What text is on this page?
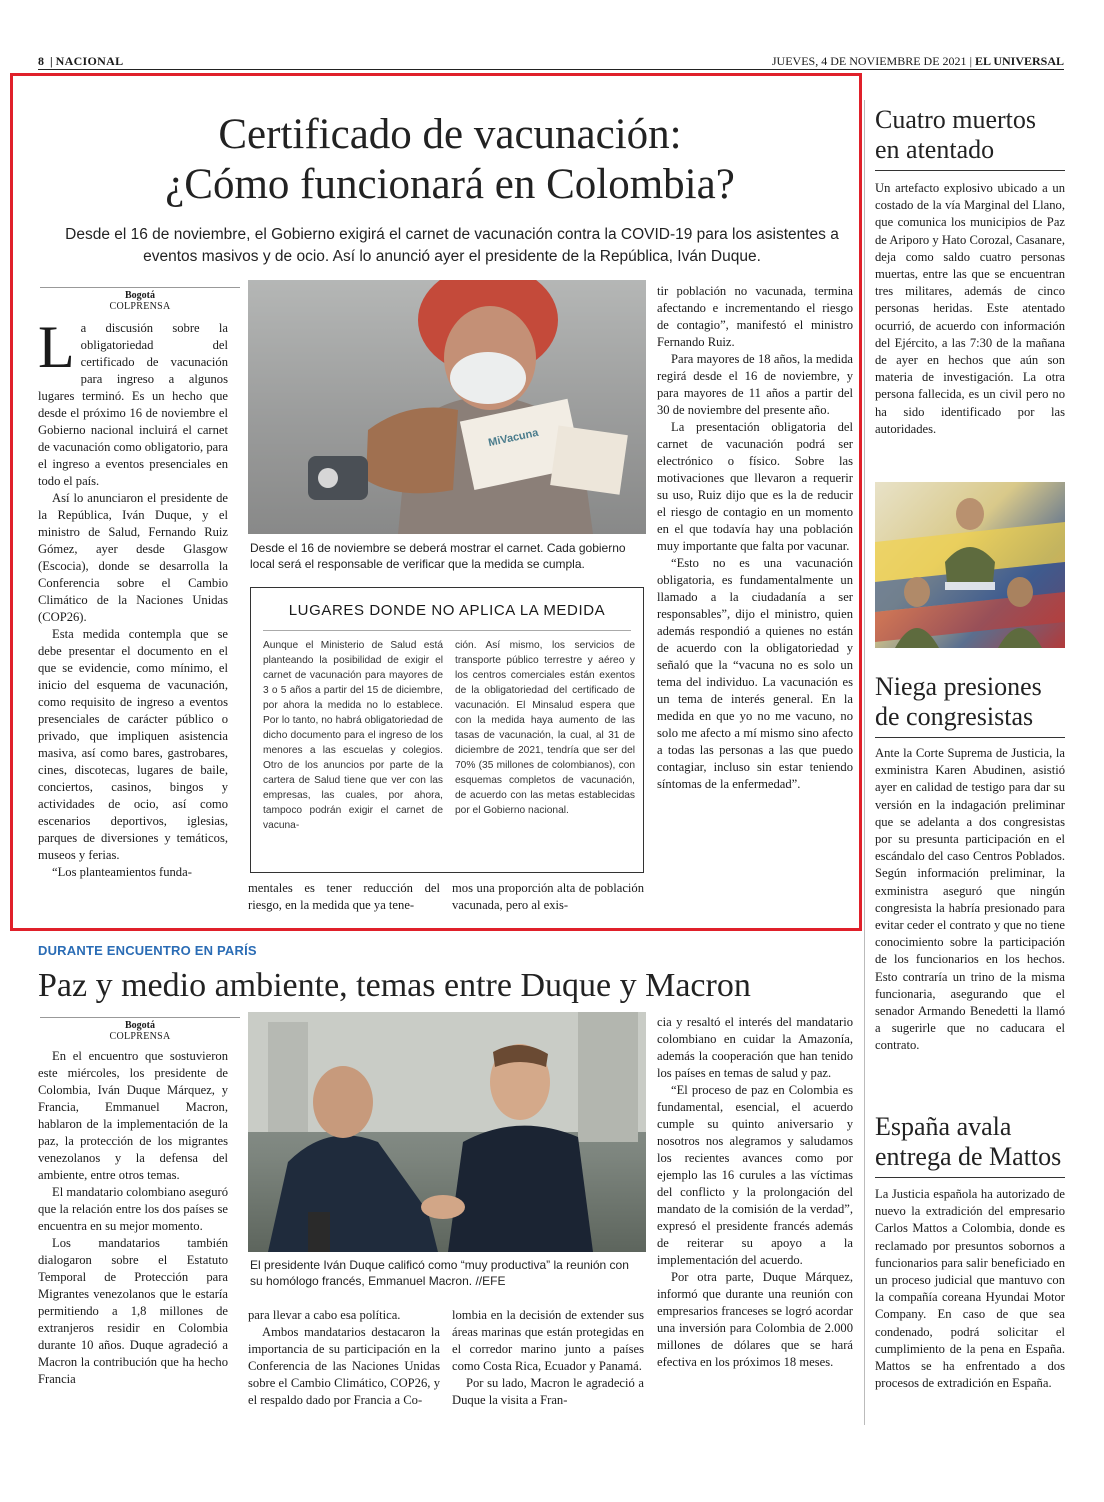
8  | NACIONAL	JUEVES, 4 DE NOVIEMBRE DE 2021 | EL UNIVERSAL
Certificado de vacunación:
¿Cómo funcionará en Colombia?
Desde el 16 de noviembre, el Gobierno exigirá el carnet de vacunación contra la COVID-19 para los asistentes a eventos masivos y de ocio. Así lo anunció ayer el presidente de la República, Iván Duque.
Bogotá
COLPRENSA

La discusión sobre la obligatoriedad del certificado de vacunación para ingreso a algunos lugares terminó. Es un hecho que desde el próximo 16 de noviembre el Gobierno nacional incluirá el carnet de vacunación como obligatorio, para el ingreso a eventos presenciales en todo el país.

Así lo anunciaron el presidente de la República, Iván Duque, y el ministro de Salud, Fernando Ruiz Gómez, ayer desde Glasgow (Escocia), donde se desarrolla la Conferencia sobre el Cambio Climático de la Naciones Unidas (COP26).

Esta medida contempla que se debe presentar el documento en el que se evidencie, como mínimo, el inicio del esquema de vacunación, como requisito de ingreso a eventos presenciales de carácter público o privado, que impliquen asistencia masiva, así como bares, gastrobares, cines, discotecas, lugares de baile, conciertos, casinos, bingos y actividades de ocio, así como escenarios deportivos, iglesias, parques de diversiones y temáticos, museos y ferias.

“Los planteamientos funda-

MiVacuna
Desde el 16 de noviembre se deberá mostrar el carnet. Cada gobierno local será el responsable de verificar que la medida se cumpla.
LUGARES DONDE NO APLICA LA MEDIDA
Aunque el Ministerio de Salud está planteando la posibilidad de exigir el carnet de vacunación para mayores de 3 o 5 años a partir del 15 de diciembre, por ahora la medida no lo establece. Por lo tanto, no habrá obligatoriedad de dicho documento para el ingreso de los menores a las escuelas y colegios. Otro de los anuncios por parte de la cartera de Salud tiene que ver con las empresas, las cuales, por ahora, tampoco podrán exigir el carnet de vacuna-
ción. Así mismo, los servicios de transporte público terrestre y aéreo y los centros comerciales están exentos de la obligatoriedad del certificado de vacunación. El Minsalud espera que con la medida haya aumento de las tasas de vacunación, la cual, al 31 de diciembre de 2021, tendría que ser del 70% (35 millones de colombianos), con esquemas completos de vacunación, de acuerdo con las metas establecidas por el Gobierno nacional.

mentales es tener reducción del riesgo, en la medida que ya tene-

mos una proporción alta de población vacunada, pero al exis-

tir población no vacunada, termina afectando e incrementando el riesgo de contagio”, manifestó el ministro Fernando Ruiz.

Para mayores de 18 años, la medida regirá desde el 16 de noviembre, y para mayores de 11 años a partir del 30 de noviembre del presente año.

La presentación obligatoria del carnet de vacunación podrá ser electrónico o físico. Sobre las motivaciones que llevaron a requerir su uso, Ruiz dijo que es la de reducir el riesgo de contagio en un momento en el que todavía hay una población muy importante que falta por vacunar.

“Esto no es una vacunación obligatoria, es fundamentalmente un llamado a la ciudadanía a ser responsables”, dijo el ministro, quien además respondió a quienes no están de acuerdo con la obligatoriedad y señaló que la “vacuna no es solo un tema del individuo. La vacunación es un tema de interés general. En la medida en que yo no me vacuno, no solo me afecto a mí mismo sino afecto a todas las personas a las que puedo contagiar, incluso sin estar teniendo síntomas de la enfermedad”.

DURANTE ENCUENTRO EN PARÍS
Paz y medio ambiente, temas entre Duque y Macron
Bogotá
COLPRENSA

En el encuentro que sostuvieron este miércoles, los presidente de Colombia, Iván Duque Márquez, y Francia, Emmanuel Macron, hablaron de la implementación de la paz, la protección de los migrantes venezolanos y la defensa del ambiente, entre otros temas.

El mandatario colombiano aseguró que la relación entre los dos países se encuentra en su mejor momento.

Los mandatarios también dialogaron sobre el Estatuto Temporal de Protección para Migrantes venezolanos que le estaría permitiendo a 1,8 millones de extranjeros residir en Colombia durante 10 años. Duque agradeció a Macron la contribución que ha hecho Francia

El presidente Iván Duque calificó como “muy productiva” la reunión con su homólogo francés, Emmanuel Macron. //EFE

para llevar a cabo esa política.

Ambos mandatarios destacaron la importancia de su participación en la Conferencia de las Naciones Unidas sobre el Cambio Climático, COP26, y el respaldo dado por Francia a Co-

lombia en la decisión de extender sus áreas marinas que están protegidas en el corredor marino junto a países como Costa Rica, Ecuador y Panamá.

Por su lado, Macron le agradeció a Duque la visita a Fran-

cia y resaltó el interés del mandatario colombiano en cuidar la Amazonía, además la cooperación que han tenido los países en temas de salud y paz.

“El proceso de paz en Colombia es fundamental, esencial, el acuerdo cumple su quinto aniversario y nosotros nos alegramos y saludamos los recientes avances como por ejemplo las 16 curules a las víctimas del conflicto y la prolongación del mandato de la comisión de la verdad”, expresó el presidente francés además de reiterar su apoyo a la implementación del acuerdo.

Por otra parte, Duque Márquez, informó que durante una reunión con empresarios franceses se logró acordar una inversión para Colombia de 2.000 millones de dólares que se hará efectiva en los próximos 18 meses.

Cuatro muertos en atentado
Un artefacto explosivo ubicado a un costado de la vía Marginal del Llano, que comunica los municipios de Paz de Ariporo y Hato Corozal, Casanare, deja como saldo cuatro personas muertas, entre las que se encuentran tres militares, además de cinco personas heridas. Este atentado ocurrió, de acuerdo con información del Ejército, a las 7:30 de la mañana de ayer en hechos que aún son materia de investigación. La otra persona fallecida, es un civil pero no ha sido identificado por las autoridades.
Niega presiones de congresistas
Ante la Corte Suprema de Justicia, la exministra Karen Abudinen, asistió ayer en calidad de testigo para dar su versión en la indagación preliminar que se adelanta a dos congresistas por su presunta participación en el escándalo del caso Centros Poblados. Según información preliminar, la exministra aseguró que ningún congresista la habría presionado para evitar ceder el contrato y que no tiene conocimiento sobre la participación de los funcionarios en los hechos. Esto contraría un trino de la misma funcionaria, asegurando que el senador Armando Benedetti la llamó a sugerirle que no caducara el contrato.
España avala entrega de Mattos
La Justicia española ha autorizado de nuevo la extradición del empresario Carlos Mattos a Colombia, donde es reclamado por presuntos sobornos a funcionarios para salir beneficiado en un proceso judicial que mantuvo con la compañía coreana Hyundai Motor Company. En caso de que sea condenado, podrá solicitar el cumplimiento de la pena en España. Mattos se ha enfrentado a dos procesos de extradición en España.
